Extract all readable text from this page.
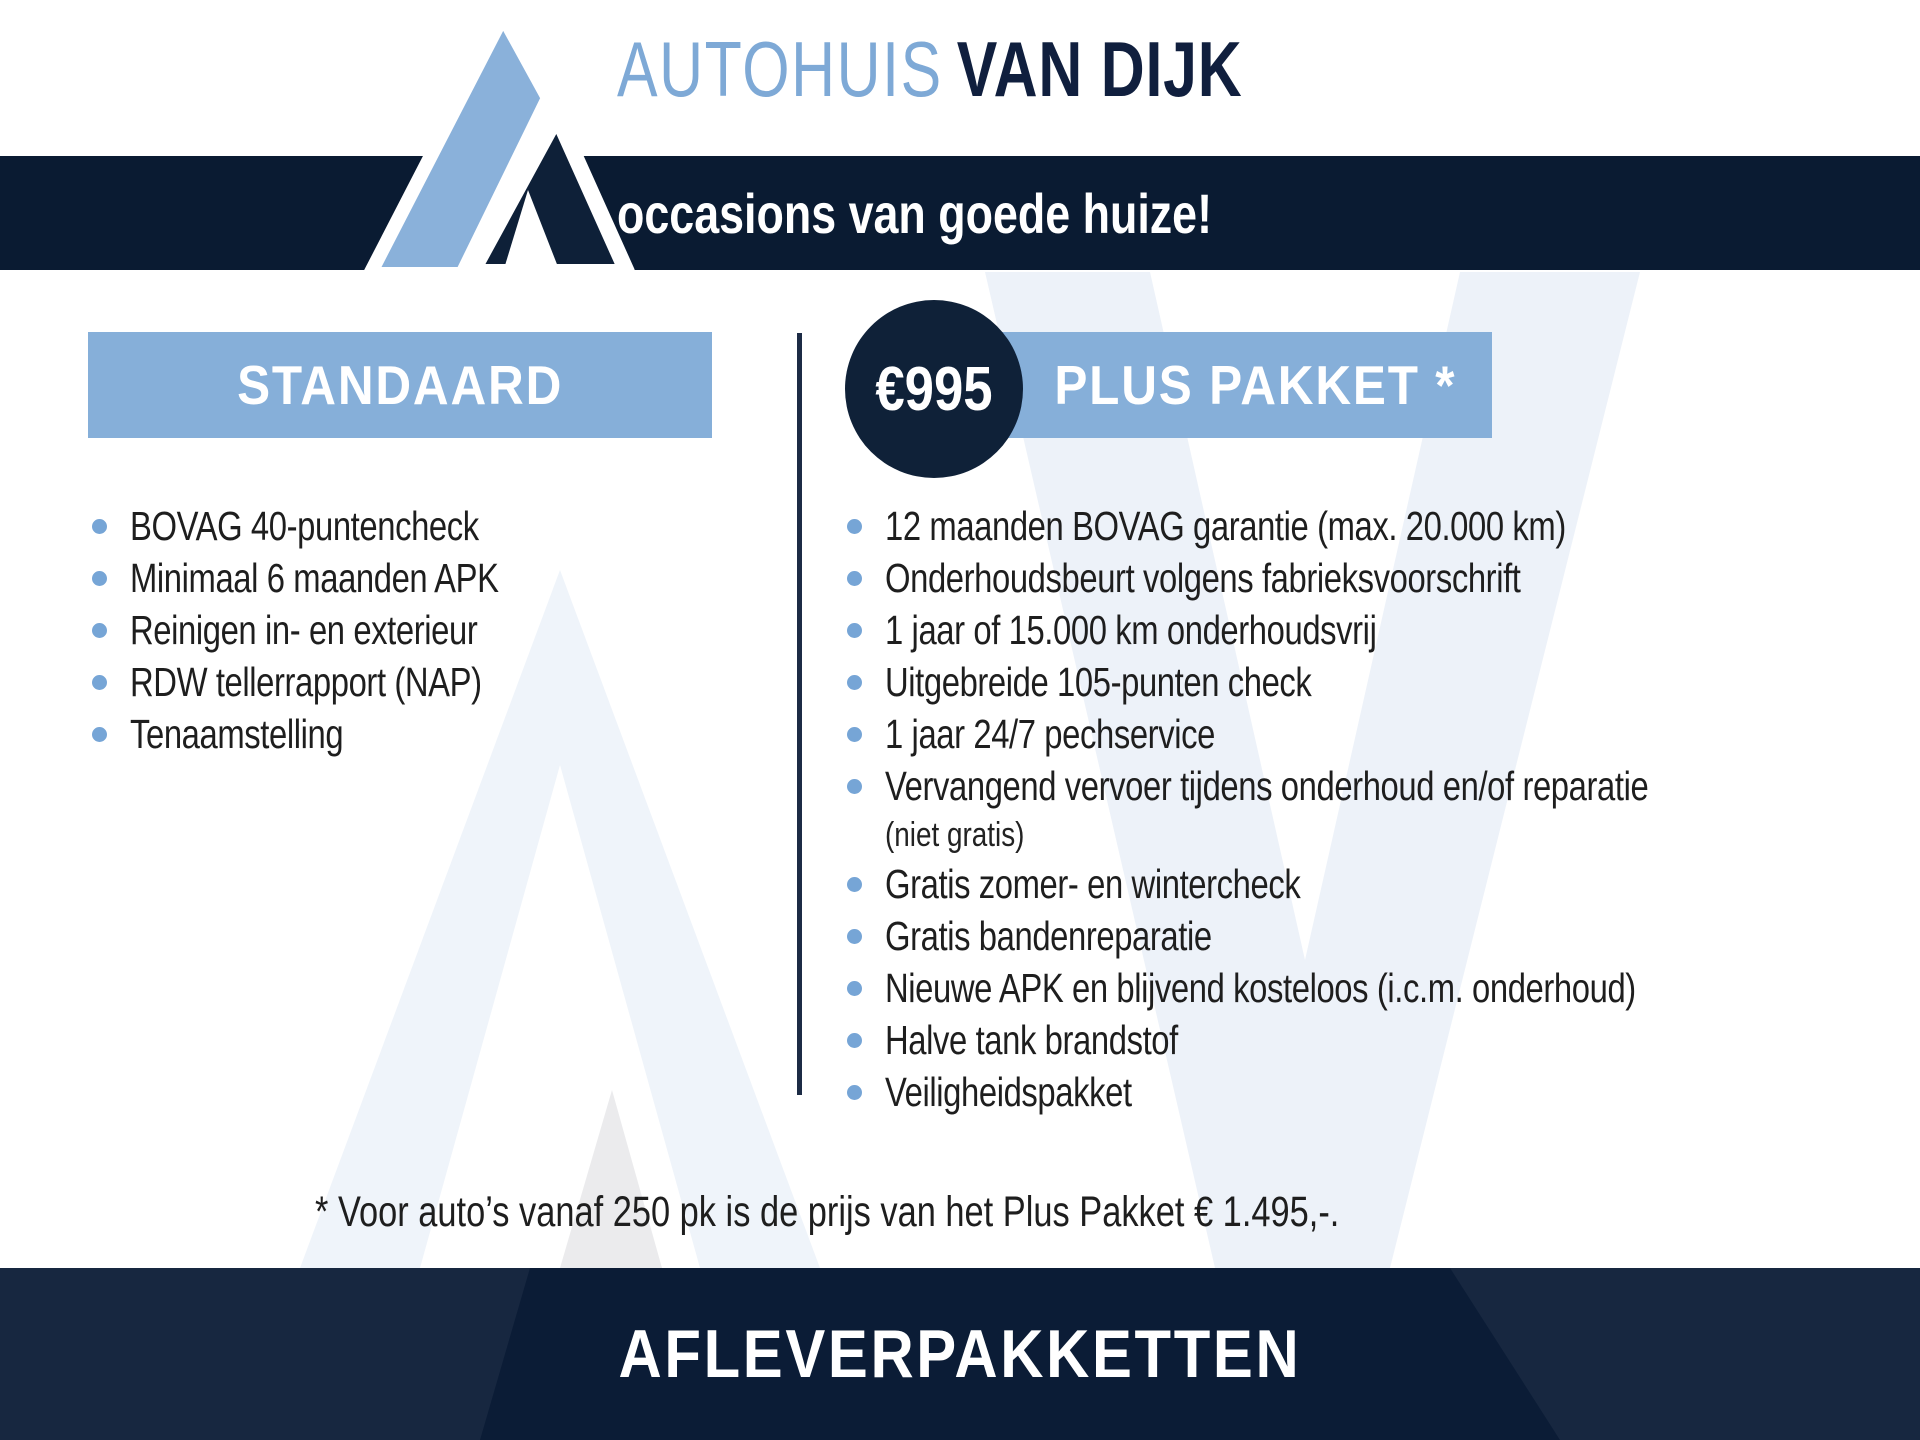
AUTOHUIS VAN DIJK
occasions van goede huize!
STANDAARD	PLUS PAKKET *
€995
BOVAG 40-puntencheck
Minimaal 6 maanden APK
Reinigen in- en exterieur
RDW tellerrapport (NAP)
Tenaamstelling
12 maanden BOVAG garantie (max. 20.000 km)
Onderhoudsbeurt volgens fabrieksvoorschrift
1 jaar of 15.000 km onderhoudsvrij
Uitgebreide 105-punten check
1 jaar 24/7 pechservice
Vervangend vervoer tijdens onderhoud en/of reparatie
(niet gratis)
Gratis zomer- en wintercheck
Gratis bandenreparatie
Nieuwe APK en blijvend kosteloos (i.c.m. onderhoud)
Halve tank brandstof
Veiligheidspakket
* Voor auto’s vanaf 250 pk is de prijs van het Plus Pakket € 1.495,-.
AFLEVERPAKKETTEN
